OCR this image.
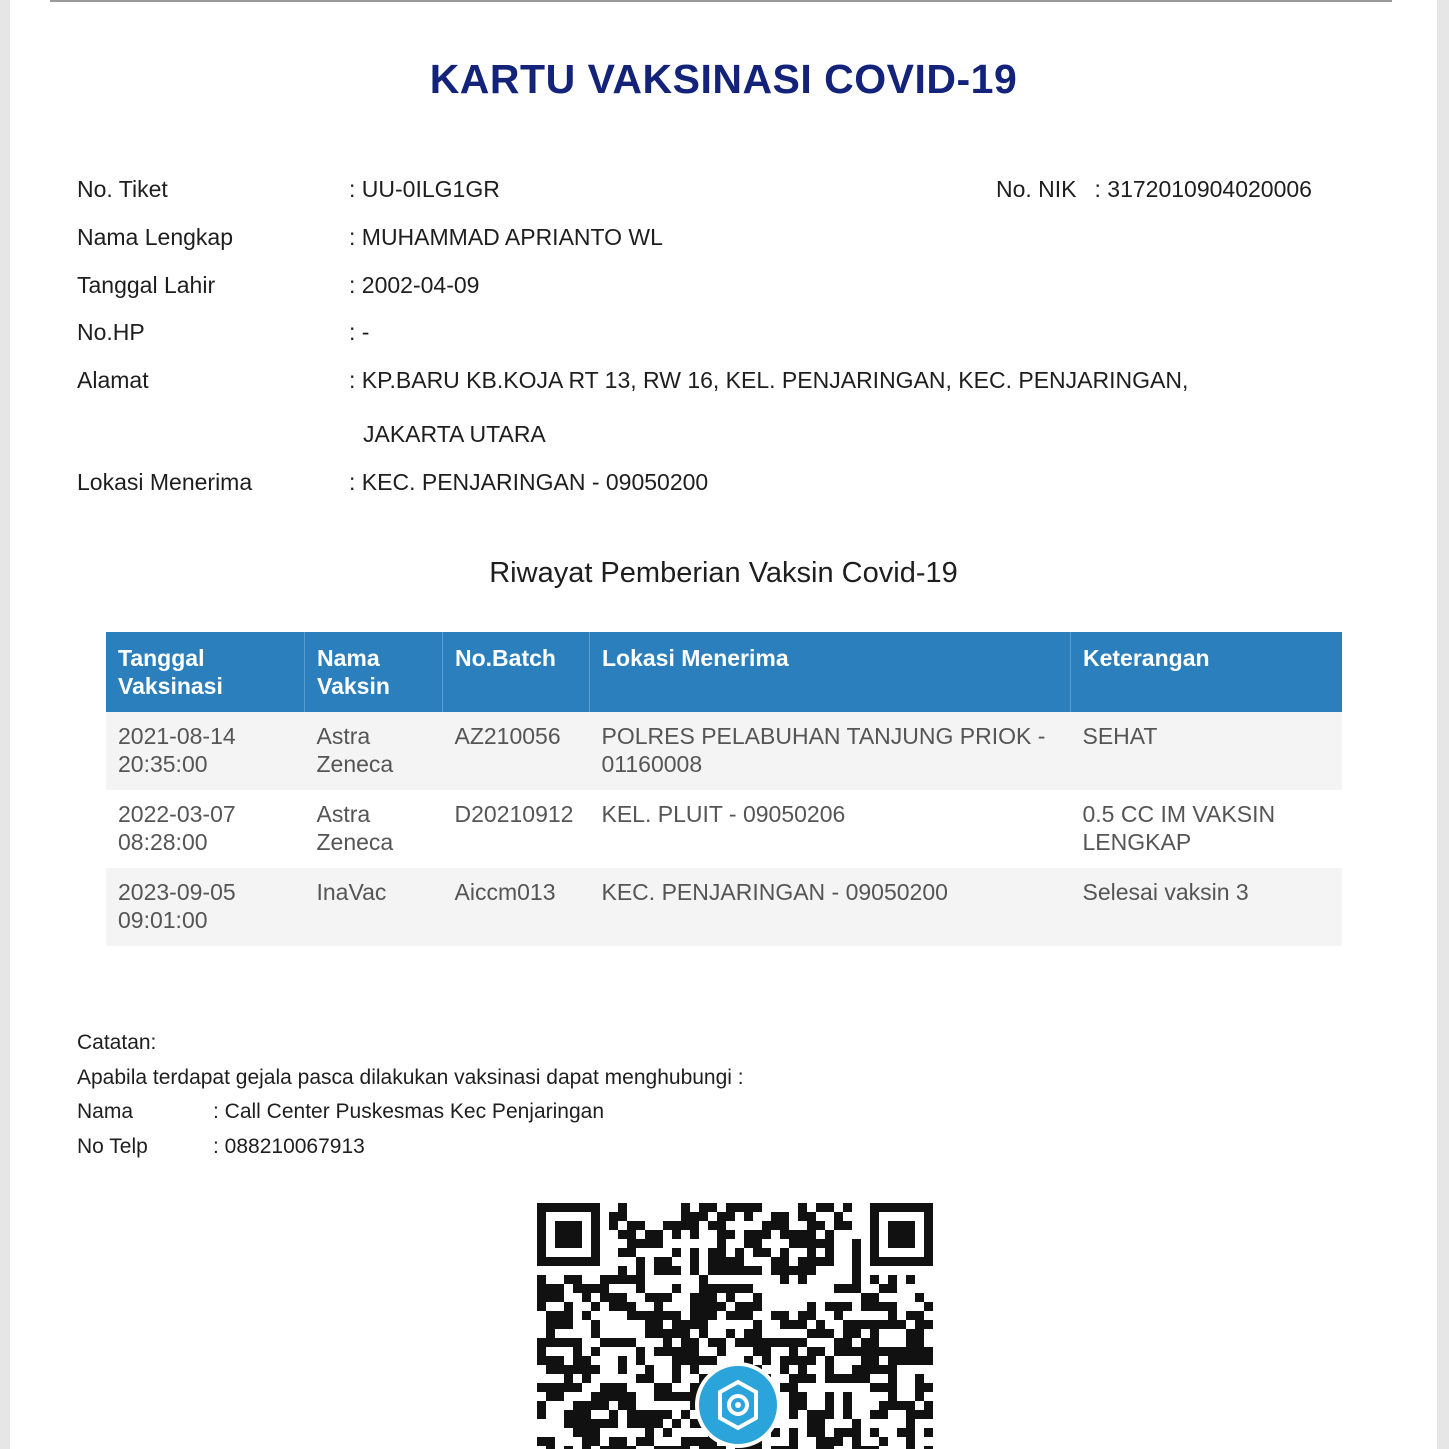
KARTU VAKSINASI COVID-19
No. Tiket	: UU-0ILG1GR	No. NIK : 3172010904020006
Nama Lengkap	: MUHAMMAD APRIANTO WL
Tanggal Lahir	: 2002-04-09
No.HP	: -
Alamat	: KP.BARU KB.KOJA RT 13, RW 16, KEL. PENJARINGAN, KEC. PENJARINGAN,
JAKARTA UTARA
Lokasi Menerima	: KEC. PENJARINGAN - 09050200
Riwayat Pemberian Vaksin Covid-19
Tanggal Vaksinasi	Nama Vaksin	No.Batch	Lokasi Menerima	Keterangan
2021-08-14 20:35:00	Astra Zeneca	AZ210056	POLRES PELABUHAN TANJUNG PRIOK - 01160008	SEHAT
2022-03-07 08:28:00	Astra Zeneca	D20210912	KEL. PLUIT - 09050206	0.5 CC IM VAKSIN LENGKAP
2023-09-05 09:01:00	InaVac	Aiccm013	KEC. PENJARINGAN - 09050200	Selesai vaksin 3
Catatan:
Apabila terdapat gejala pasca dilakukan vaksinasi dapat menghubungi :
Nama	: Call Center Puskesmas Kec Penjaringan
No Telp	: 088210067913
